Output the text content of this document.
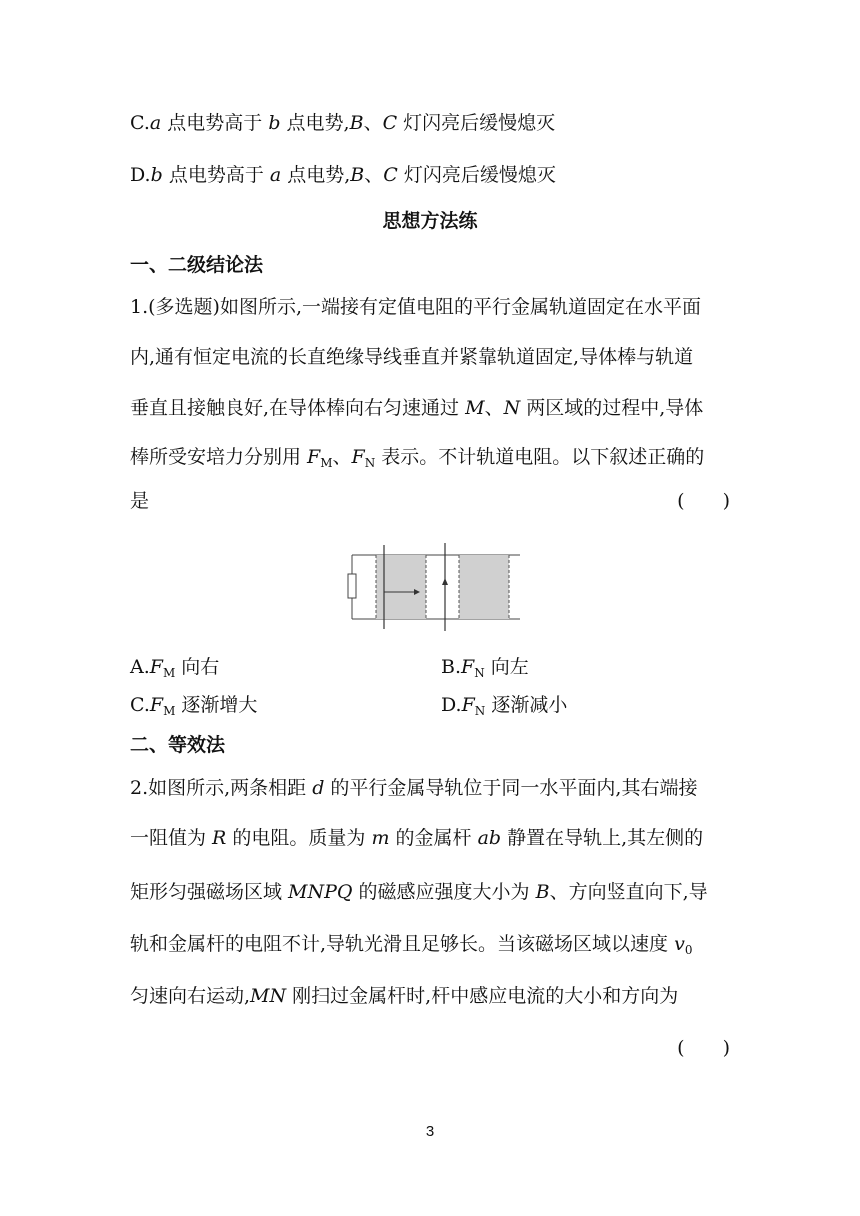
C.a 点电势高于 b 点电势,B、C 灯闪亮后缓慢熄灭
D.b 点电势高于 a 点电势,B、C 灯闪亮后缓慢熄灭
思想方法练
一、二级结论法
1.(多选题)如图所示,一端接有定值电阻的平行金属轨道固定在水平面
内,通有恒定电流的长直绝缘导线垂直并紧靠轨道固定,导体棒与轨道
垂直且接触良好,在导体棒向右匀速通过 M、N 两区域的过程中,导体
棒所受安培力分别用 $F_M$、$F_N$ 表示。不计轨道电阻。以下叙述正确的
是	(　　)
$A.F_M$ 向右	$B.F_N$ 向左
$C.F_M$ 逐渐增大	$D.F_N$ 逐渐减小
二、等效法
2.如图所示,两条相距 d 的平行金属导轨位于同一水平面内,其右端接
一阻值为 R 的电阻。质量为 m 的金属杆 ab 静置在导轨上,其左侧的
矩形匀强磁场区域 MNPQ 的磁感应强度大小为 B、方向竖直向下,导
轨和金属杆的电阻不计,导轨光滑且足够长。当该磁场区域以速度 $v_0$
匀速向右运动,MN 刚扫过金属杆时,杆中感应电流的大小和方向为
(　　)
3
